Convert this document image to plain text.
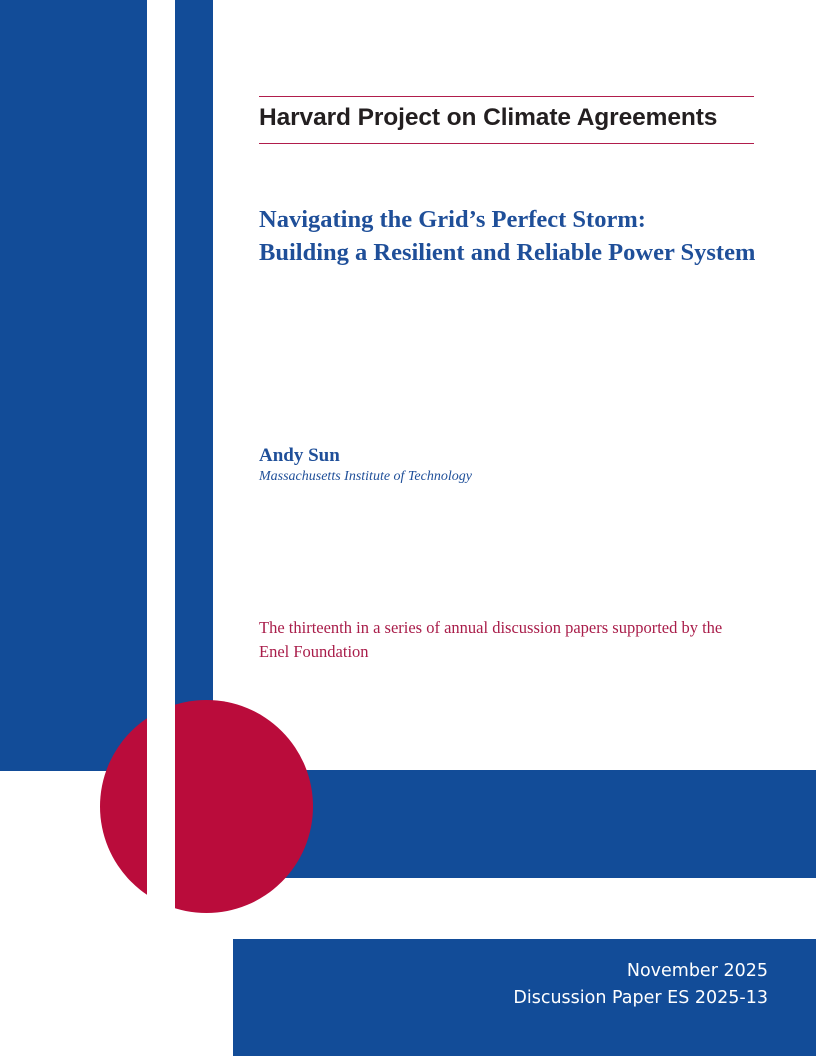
Harvard Project on Climate Agreements
Navigating the Grid’s Perfect Storm:
Building a Resilient and Reliable Power System
Andy Sun
Massachusetts Institute of Technology
The thirteenth in a series of annual discussion papers supported by the
Enel Foundation
November 2025
Discussion Paper ES 2025-13
